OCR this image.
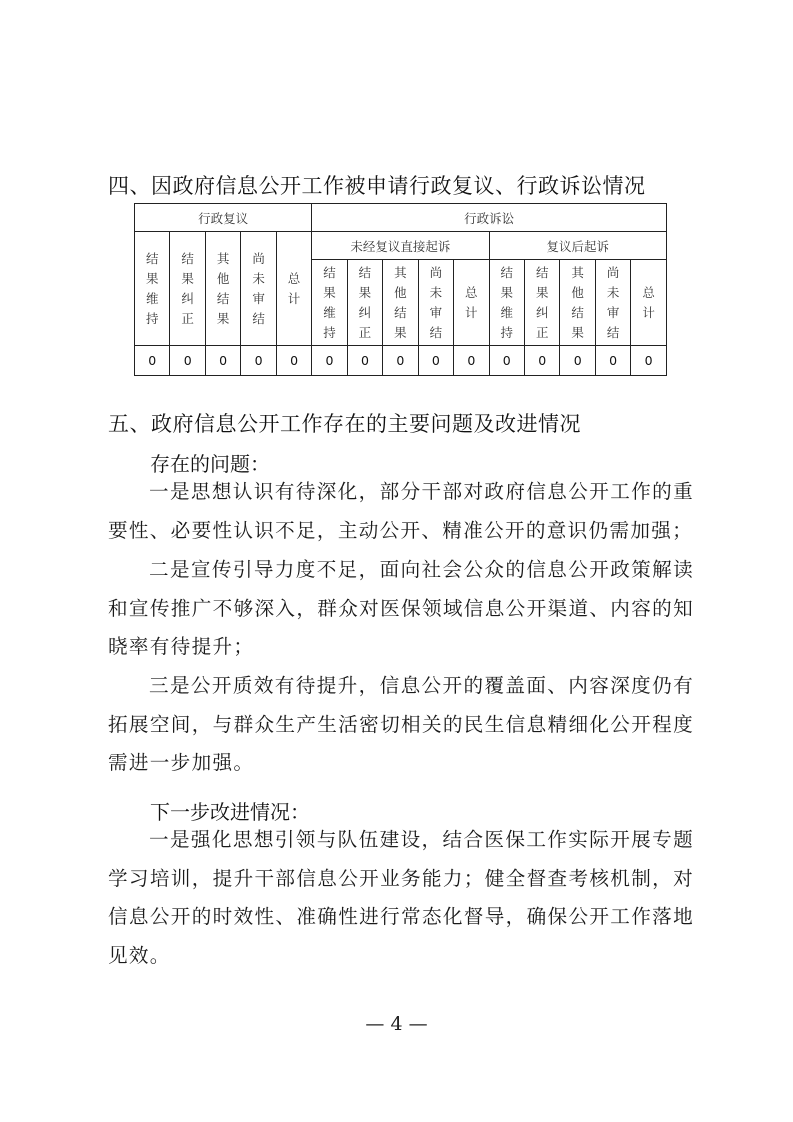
四、因政府信息公开工作被申请行政复议、行政诉讼情况
行政复议					行政诉讼									
结果维持	结果纠正	其他结果	尚未审结	总计	未经复议直接起诉					复议后起诉				
					结果维持	结果纠正	其他结果	尚未审结	总计	结果维持	结果纠正	其他结果	尚未审结	总计
0	0	0	0	0	0	0	0	0	0	0	0	0	0	0
五、政府信息公开工作存在的主要问题及改进情况
存在的问题：
一是思想认识有待深化，部分干部对政府信息公开工作的重要性、必要性认识不足，主动公开、精准公开的意识仍需加强；
二是宣传引导力度不足，面向社会公众的信息公开政策解读和宣传推广不够深入，群众对医保领域信息公开渠道、内容的知晓率有待提升；
三是公开质效有待提升，信息公开的覆盖面、内容深度仍有拓展空间，与群众生产生活密切相关的民生信息精细化公开程度需进一步加强。
下一步改进情况：
一是强化思想引领与队伍建设，结合医保工作实际开展专题学习培训，提升干部信息公开业务能力；健全督查考核机制，对信息公开的时效性、准确性进行常态化督导，确保公开工作落地见效。
— 4 —
